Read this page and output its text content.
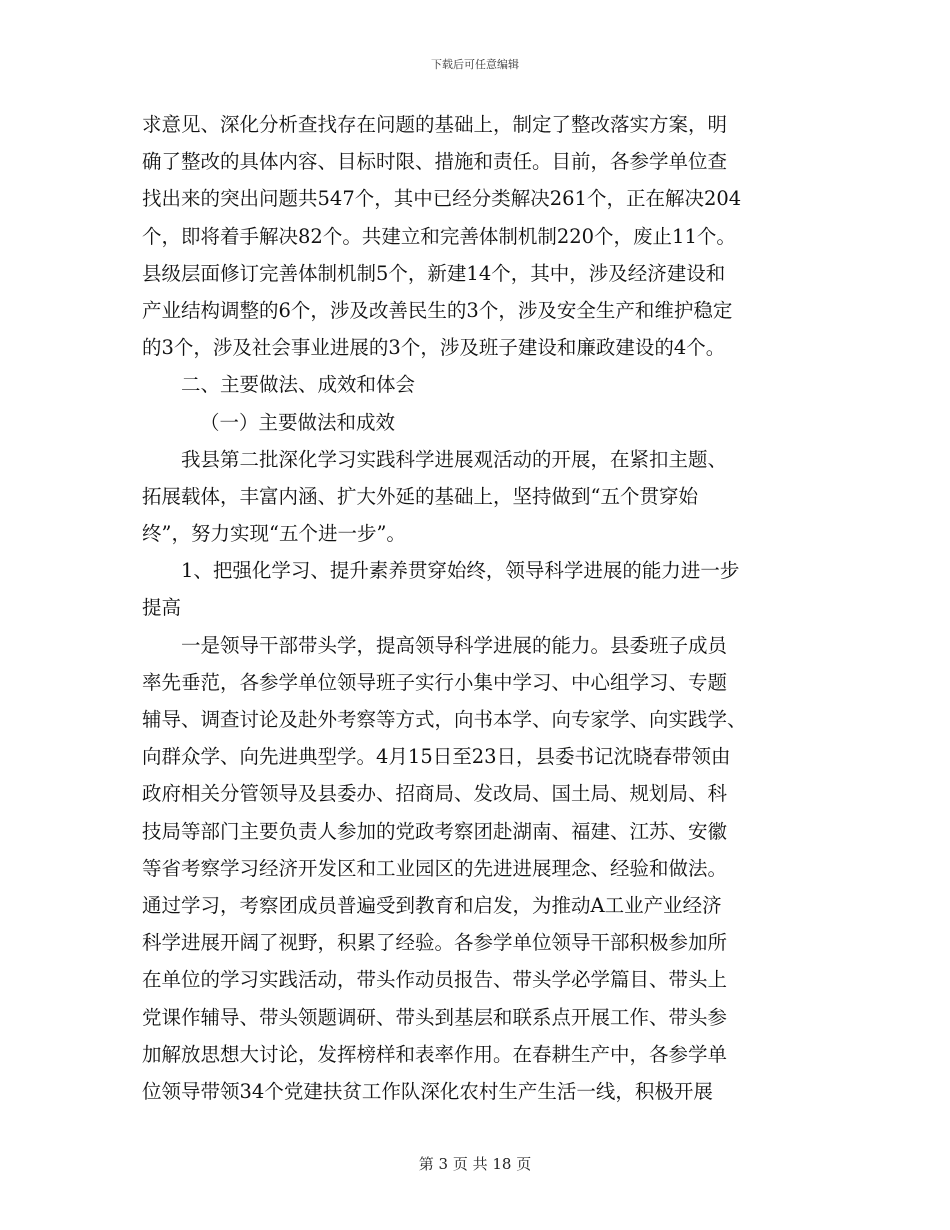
下载后可任意编辑
求意见、深化分析查找存在问题的基础上，制定了整改落实方案，明
确了整改的具体内容、目标时限、措施和责任。目前，各参学单位查
找出来的突出问题共547个，其中已经分类解决261个，正在解决204
个，即将着手解决82个。共建立和完善体制机制220个，废止11个。
县级层面修订完善体制机制5个，新建14个，其中，涉及经济建设和
产业结构调整的6个，涉及改善民生的3个，涉及安全生产和维护稳定
的3个，涉及社会事业进展的3个，涉及班子建设和廉政建设的4个。
二、主要做法、成效和体会
（一）主要做法和成效
我县第二批深化学习实践科学进展观活动的开展，在紧扣主题、
拓展载体，丰富内涵、扩大外延的基础上，坚持做到“五个贯穿始
终”，努力实现“五个进一步”。
1、把强化学习、提升素养贯穿始终，领导科学进展的能力进一步
提高
一是领导干部带头学，提高领导科学进展的能力。县委班子成员
率先垂范，各参学单位领导班子实行小集中学习、中心组学习、专题
辅导、调查讨论及赴外考察等方式，向书本学、向专家学、向实践学、
向群众学、向先进典型学。4月15日至23日，县委书记沈晓春带领由
政府相关分管领导及县委办、招商局、发改局、国土局、规划局、科
技局等部门主要负责人参加的党政考察团赴湖南、福建、江苏、安徽
等省考察学习经济开发区和工业园区的先进进展理念、经验和做法。
通过学习，考察团成员普遍受到教育和启发，为推动A工业产业经济
科学进展开阔了视野，积累了经验。各参学单位领导干部积极参加所
在单位的学习实践活动，带头作动员报告、带头学必学篇目、带头上
党课作辅导、带头领题调研、带头到基层和联系点开展工作、带头参
加解放思想大讨论，发挥榜样和表率作用。在春耕生产中，各参学单
位领导带领34个党建扶贫工作队深化农村生产生活一线，积极开展
第 3 页 共 18 页
